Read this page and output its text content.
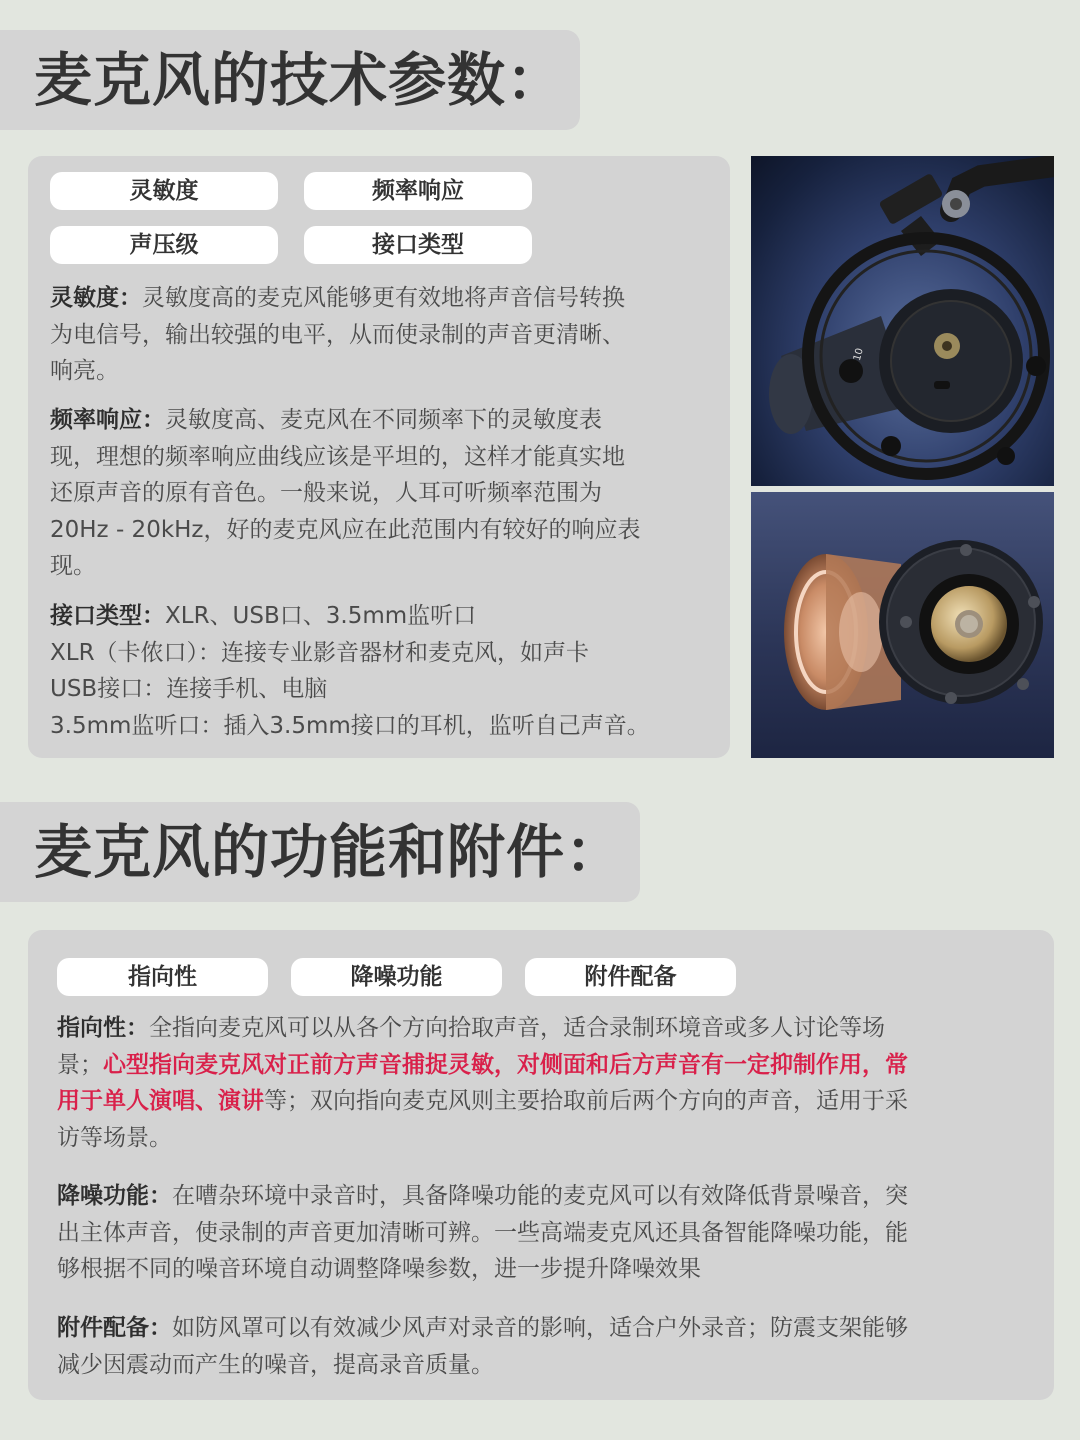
麦克风的技术参数：
灵敏度	频率响应
声压级	接口类型
灵敏度：灵敏度高的麦克风能够更有效地将声音信号转换
为电信号，输出较强的电平，从而使录制的声音更清晰、
响亮。
频率响应：灵敏度高、麦克风在不同频率下的灵敏度表
现，理想的频率响应曲线应该是平坦的，这样才能真实地
还原声音的原有音色。一般来说，人耳可听频率范围为
20Hz - 20kHz，好的麦克风应在此范围内有较好的响应表
现。
接口类型：XLR、USB口、3.5mm监听口
XLR（卡侬口）：连接专业影音器材和麦克风，如声卡
USB接口：连接手机、电脑
3.5mm监听口：插入3.5mm接口的耳机，监听自己声音。
10
麦克风的功能和附件：
指向性	降噪功能	附件配备
指向性：全指向麦克风可以从各个方向拾取声音，适合录制环境音或多人讨论等场
景；心型指向麦克风对正前方声音捕捉灵敏，对侧面和后方声音有一定抑制作用，常
用于单人演唱、演讲等；双向指向麦克风则主要拾取前后两个方向的声音，适用于采
访等场景。
降噪功能：在嘈杂环境中录音时，具备降噪功能的麦克风可以有效降低背景噪音，突
出主体声音，使录制的声音更加清晰可辨。一些高端麦克风还具备智能降噪功能，能
够根据不同的噪音环境自动调整降噪参数，进一步提升降噪效果
附件配备：如防风罩可以有效减少风声对录音的影响，适合户外录音；防震支架能够
减少因震动而产生的噪音，提高录音质量。
